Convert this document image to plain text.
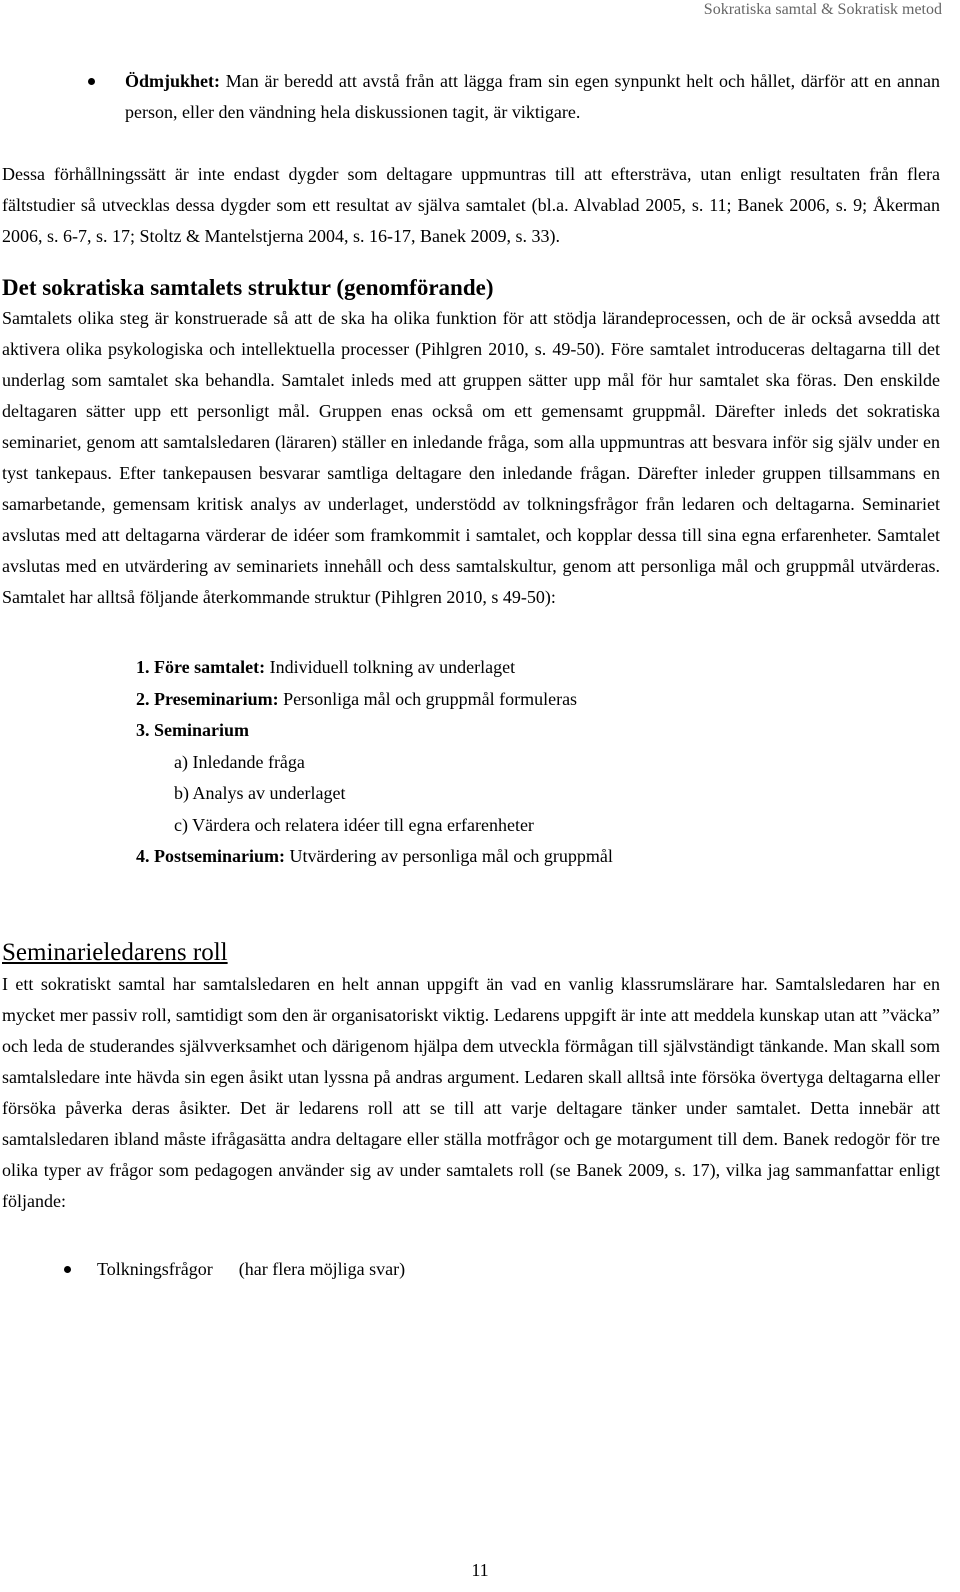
Sokratiska samtal & Sokratisk metod

Ödmjukhet: Man är beredd att avstå från att lägga fram sin egen synpunkt helt och hållet, därför att en annan person, eller den vändning hela diskussionen tagit, är viktigare.

Dessa förhållningssätt är inte endast dygder som deltagare uppmuntras till att eftersträva, utan enligt resultaten från flera fältstudier så utvecklas dessa dygder som ett resultat av själva samtalet (bl.a. Alvablad 2005, s. 11; Banek 2006, s. 9; Åkerman 2006, s. 6-7, s. 17; Stoltz & Mantelstjerna 2004, s. 16-17, Banek 2009, s. 33).

Det sokratiska samtalets struktur (genomförande)

Samtalets olika steg är konstruerade så att de ska ha olika funktion för att stödja lärandeprocessen, och de är också avsedda att aktivera olika psykologiska och intellektuella processer (Pihlgren 2010, s. 49-50). Före samtalet introduceras deltagarna till det underlag som samtalet ska behandla. Samtalet inleds med att gruppen sätter upp mål för hur samtalet ska föras. Den enskilde deltagaren sätter upp ett personligt mål. Gruppen enas också om ett gemensamt gruppmål. Därefter inleds det sokratiska seminariet, genom att samtalsledaren (läraren) ställer en inledande fråga, som alla uppmuntras att besvara inför sig själv under en tyst tankepaus. Efter tankepausen besvarar samtliga deltagare den inledande frågan. Därefter inleder gruppen tillsammans en samarbetande, gemensam kritisk analys av underlaget, understödd av tolkningsfrågor från ledaren och deltagarna. Seminariet avslutas med att deltagarna värderar de idéer som framkommit i samtalet, och kopplar dessa till sina egna erfarenheter. Samtalet avslutas med en utvärdering av seminariets innehåll och dess samtalskultur, genom att personliga mål och gruppmål utvärderas. Samtalet har alltså följande återkommande struktur (Pihlgren 2010, s 49-50):

1. Före samtalet: Individuell tolkning av underlaget
2. Preseminarium: Personliga mål och gruppmål formuleras
3. Seminarium
a) Inledande fråga
b) Analys av underlaget
c) Värdera och relatera idéer till egna erfarenheter
4. Postseminarium: Utvärdering av personliga mål och gruppmål
Seminarieledarens roll

I ett sokratiskt samtal har samtalsledaren en helt annan uppgift än vad en vanlig klassrumslärare har. Samtalsledaren har en mycket mer passiv roll, samtidigt som den är organisatoriskt viktig. Ledarens uppgift är inte att meddela kunskap utan att ”väcka” och leda de studerandes självverksamhet och därigenom hjälpa dem utveckla förmågan till självständigt tänkande. Man skall som samtalsledare inte hävda sin egen åsikt utan lyssna på andras argument. Ledaren skall alltså inte försöka övertyga deltagarna eller försöka påverka deras åsikter. Det är ledarens roll att se till att varje deltagare tänker under samtalet. Detta innebär att samtalsledaren ibland måste ifrågasätta andra deltagare eller ställa motfrågor och ge motargument till dem. Banek redogör för tre olika typer av frågor som pedagogen använder sig av under samtalets roll (se Banek 2009, s. 17), vilka jag sammanfattar enligt följande:

Tolkningsfrågor (har flera möjliga svar)
11
